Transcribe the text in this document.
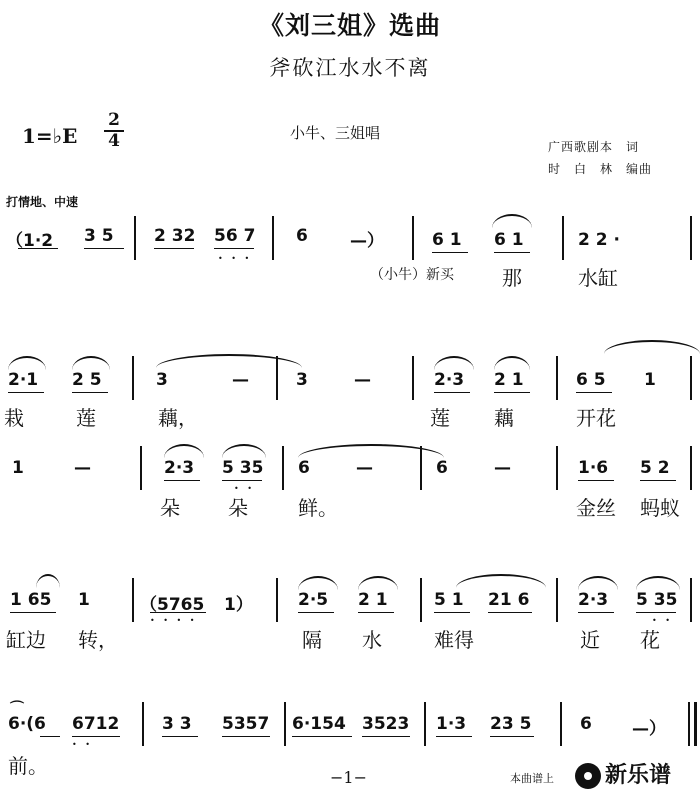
《刘三姐》选曲
斧砍江水水不离
1=♭E
2
4	小牛、三姐唱
广西歌剧本　词
时　白　林　编曲
打情地、中速
（1·2 3 5 2 32 56 7 6 —）	6 1 6 1	2 2 ·
• • •
（小牛）新买 那	水缸
2·1 2 5	3	—	3	—	2·3 2 1	6 5 1
栽	莲	藕，	莲 藕	开花
1	—	2·3 5 35 6	—	6	—	1·6 5 2
• •
朵 朵	鲜。	金丝 蚂蚁
1 65 1	（5765 1）	2·5 2 1	5 1 21 6	2·3 5 35
• • • •	• •
缸边 转，	隔 水	难得	近 花
⌒
6·(6 6712	3 3 5357 6·154 3523 1·3 23 5	6 —）
• •
前。	−1−	本曲谱上	新乐谱
